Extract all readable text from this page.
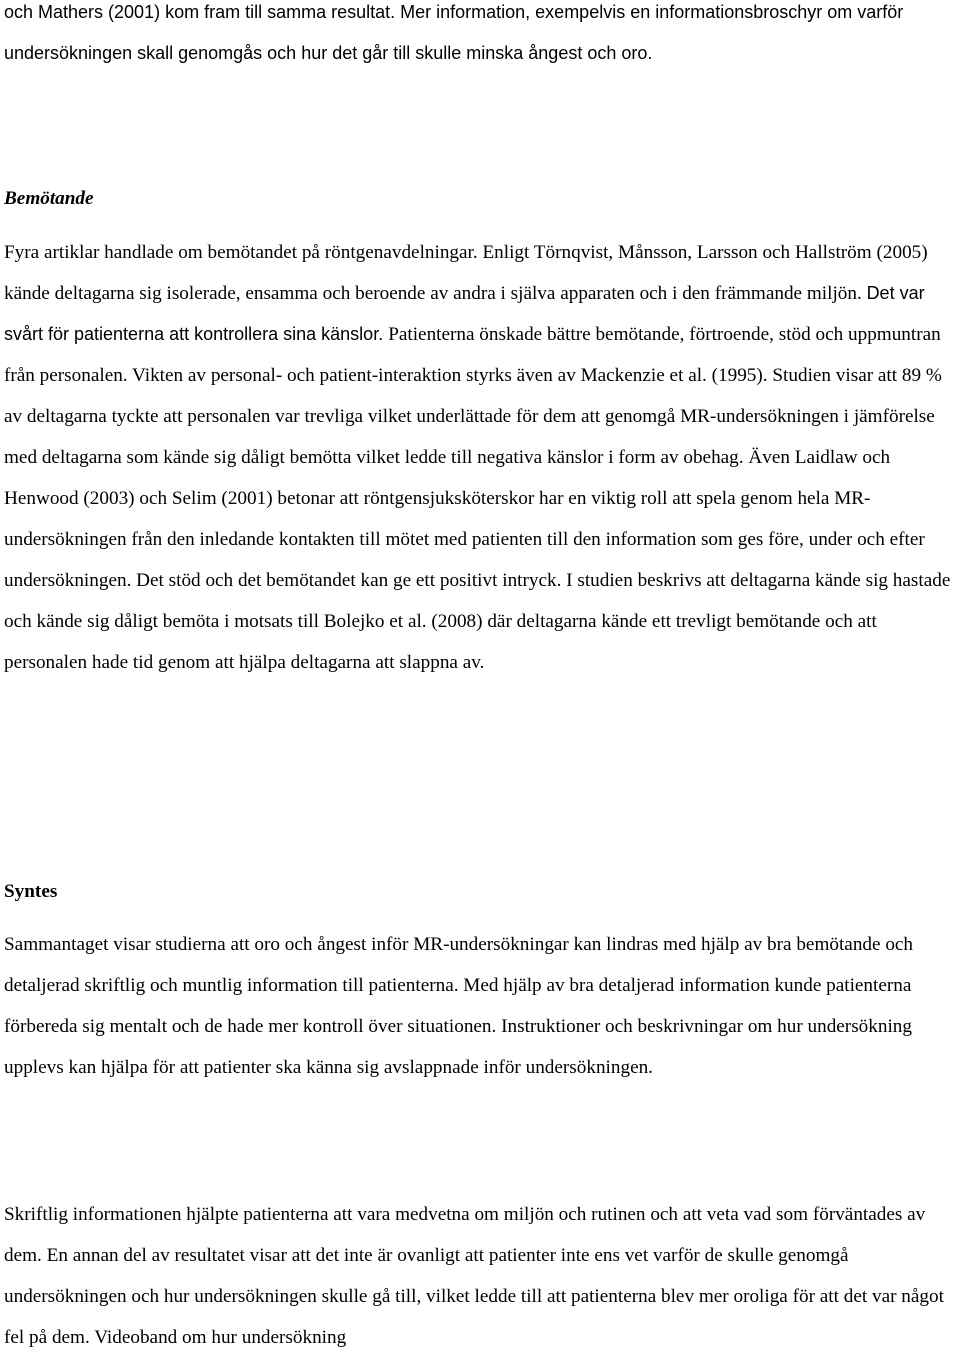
och Mathers (2001) kom fram till samma resultat. Mer information, exempelvis en informationsbroschyr om varför undersökningen skall genomgås och hur det går till skulle minska ångest och oro.

Bemötande

Fyra artiklar handlade om bemötandet på röntgenavdelningar. Enligt Törnqvist, Månsson, Larsson och Hallström (2005) kände deltagarna sig isolerade, ensamma och beroende av andra i själva apparaten och i den främmande miljön. Det var svårt för patienterna att kontrollera sina känslor. Patienterna önskade bättre bemötande, förtroende, stöd och uppmuntran från personalen. Vikten av personal- och patient-interaktion styrks även av Mackenzie et al. (1995). Studien visar att 89 % av deltagarna tyckte att personalen var trevliga vilket underlättade för dem att genomgå MR-undersökningen i jämförelse med deltagarna som kände sig dåligt bemötta vilket ledde till negativa känslor i form av obehag. Även Laidlaw och Henwood (2003) och Selim (2001) betonar att röntgensjuksköterskor har en viktig roll att spela genom hela MR-undersökningen från den inledande kontakten till mötet med patienten till den information som ges före, under och efter undersökningen. Det stöd och det bemötandet kan ge ett positivt intryck. I studien beskrivs att deltagarna kände sig hastade och kände sig dåligt bemöta i motsats till Bolejko et al. (2008) där deltagarna kände ett trevligt bemötande och att personalen hade tid genom att hjälpa deltagarna att slappna av.

Syntes

Sammantaget visar studierna att oro och ångest inför MR-undersökningar kan lindras med hjälp av bra bemötande och detaljerad skriftlig och muntlig information till patienterna. Med hjälp av bra detaljerad information kunde patienterna förbereda sig mentalt och de hade mer kontroll över situationen. Instruktioner och beskrivningar om hur undersökning upplevs kan hjälpa för att patienter ska känna sig avslappnade inför undersökningen.

Skriftlig informationen hjälpte patienterna att vara medvetna om miljön och rutinen och att veta vad som förväntades av dem. En annan del av resultatet visar att det inte är ovanligt att patienter inte ens vet varför de skulle genomgå undersökningen och hur undersökningen skulle gå till, vilket ledde till att patienterna blev mer oroliga för att det var något fel på dem. Videoband om hur undersökning
